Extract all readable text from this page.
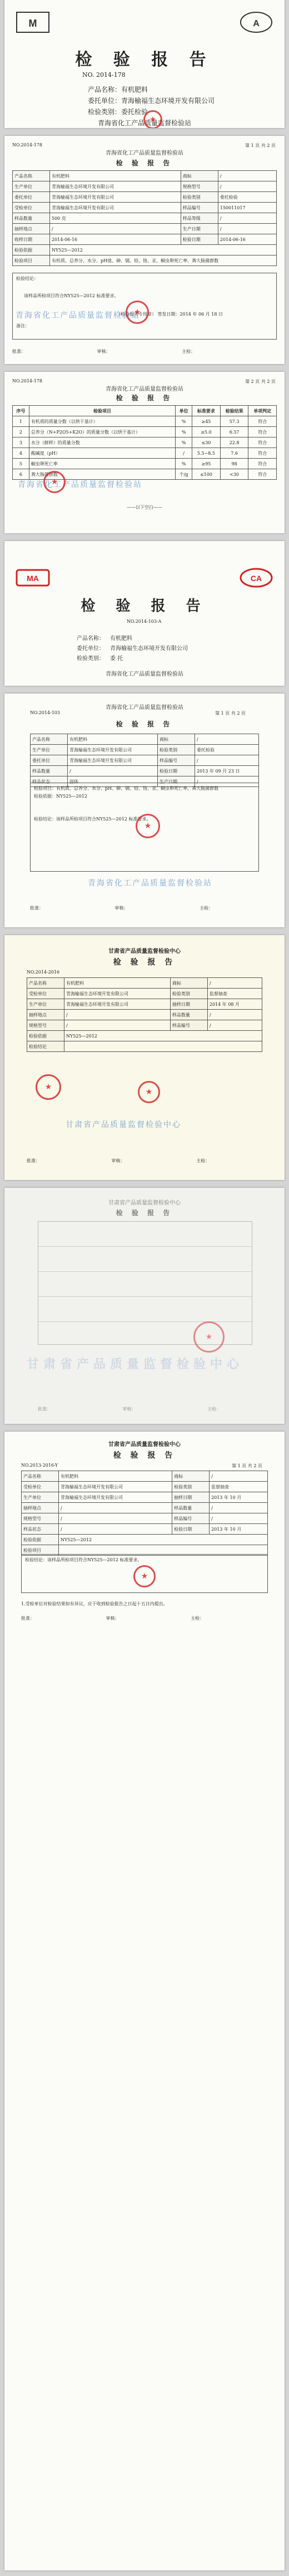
M	A
检 验 报 告
NO. 2014-178
产品名称：有机肥料
委托单位：青海榆福生态环境开发有限公司
检验类别：委托检验
青海省化工产品质量监督检验站
★
NO.2014-178	第 1 页 共 2 页
青海省化工产品质量监督检验站
检 验 报 告
产品名称	有机肥料	商标	/
生产单位	青海榆福生态环境开发有限公司	规格型号	/
委托单位	青海榆福生态环境开发有限公司	检验类别	委托检验
受检单位	青海榆福生态环境开发有限公司	样品编号	150011017
样品数量	500 克	样品等级	/
抽样地点	/	生产日期	/
收样日期	2014-06-16	检验日期	2014-06-16
检验依据	NY525—2012		
检验项目	有机质、总养分、水分、pH值、砷、镉、铅、铬、汞、蛔虫卵死亡率、粪大肠菌群数		
检验结论：
该样品所检项目符合NY525—2012 标准要求。
（检验报告专用章） 签发日期：2014 年 06 月 18 日
备注：
青海省化工产品质量监督检验站
★
批准：	审核：	主检：
NO.2014-178	第 2 页 共 2 页
青海省化工产品质量监督检验站
检 验 报 告
序号	检验项目	单位	标准要求	检验结果	单项判定
1	有机质的质量分数（以烘干基计）	%	≥45	57.3	符合
2	总养分（N+P2O5+K2O）的质量分数（以烘干基计）	%	≥5.0	6.37	符合
3	水分（鲜样）的质量分数	%	≤30	22.8	符合
4	酸碱度（pH）	/	5.5~8.5	7.6	符合
5	蛔虫卵死亡率	%	≥95	98	符合
6	粪大肠菌群数	个/g	≤100	<30	符合
——以下空白——
青海省化工产品质量监督检验站
★
MA	CA
检 验 报 告
NO.2014-103-A
产品名称： 有机肥料
委托单位： 青海榆福生态环境开发有限公司
检验类别： 委 托
青海省化工产品质量监督检验站
NO.2014-103	第 1 页 共 2 页
青海省化工产品质量监督检验站
检 验 报 告
产品名称	有机肥料	商标	/
生产单位	青海榆福生态环境开发有限公司	检验类别	委托检验
委托单位	青海榆福生态环境开发有限公司	样品编号	/
样品数量	/	检验日期	2013 年 09 月 23 日
样品状态	固体	生产日期	/
检验项目：有机质、总养分、水分、pH、砷、镉、铅、铬、汞、蛔虫卵死亡率、粪大肠菌群数
检验依据：NY525—2012
检验结论：该样品所检项目符合NY525—2012 标准要求。
★
青海省化工产品质量监督检验站
批准：	审核：	主检：
甘肃省产品质量监督检验中心
检 验 报 告
NO.2014-2016
产品名称	有机肥料	商标	/
受检单位	青海榆福生态环境开发有限公司	检验类别	监督抽查
生产单位	青海榆福生态环境开发有限公司	抽样日期	2014 年 08 月
抽样地点	/	样品数量	/
规格型号	/	样品编号	/
检验依据	NY525—2012		
检验结论			
★
★
甘肃省产品质量监督检验中心
批准：	审核：	主检：
甘肃省产品质量监督检验中心
检 验 报 告
★
甘肃省产品质量监督检验中心
批准：	审核：	主检：
甘肃省产品质量监督检验中心
检 验 报 告
NO.2013-2016-Y	第 1 页 共 2 页
产品名称	有机肥料	商标	/
受检单位	青海榆福生态环境开发有限公司	检验类别	监督抽查
生产单位	青海榆福生态环境开发有限公司	抽样日期	2013 年 10 月
抽样地点	/	样品数量	/
规格型号	/	样品编号	/
样品状态	/	检验日期	2013 年 10 月
检验依据	NY525—2012		
检验项目			
检验结论：该样品所检项目符合NY525—2012 标准要求。
★
1.受检单位对检验结果如有异议，应于收到检验报告之日起十五日内提出。
批准：	审核：	主检：
